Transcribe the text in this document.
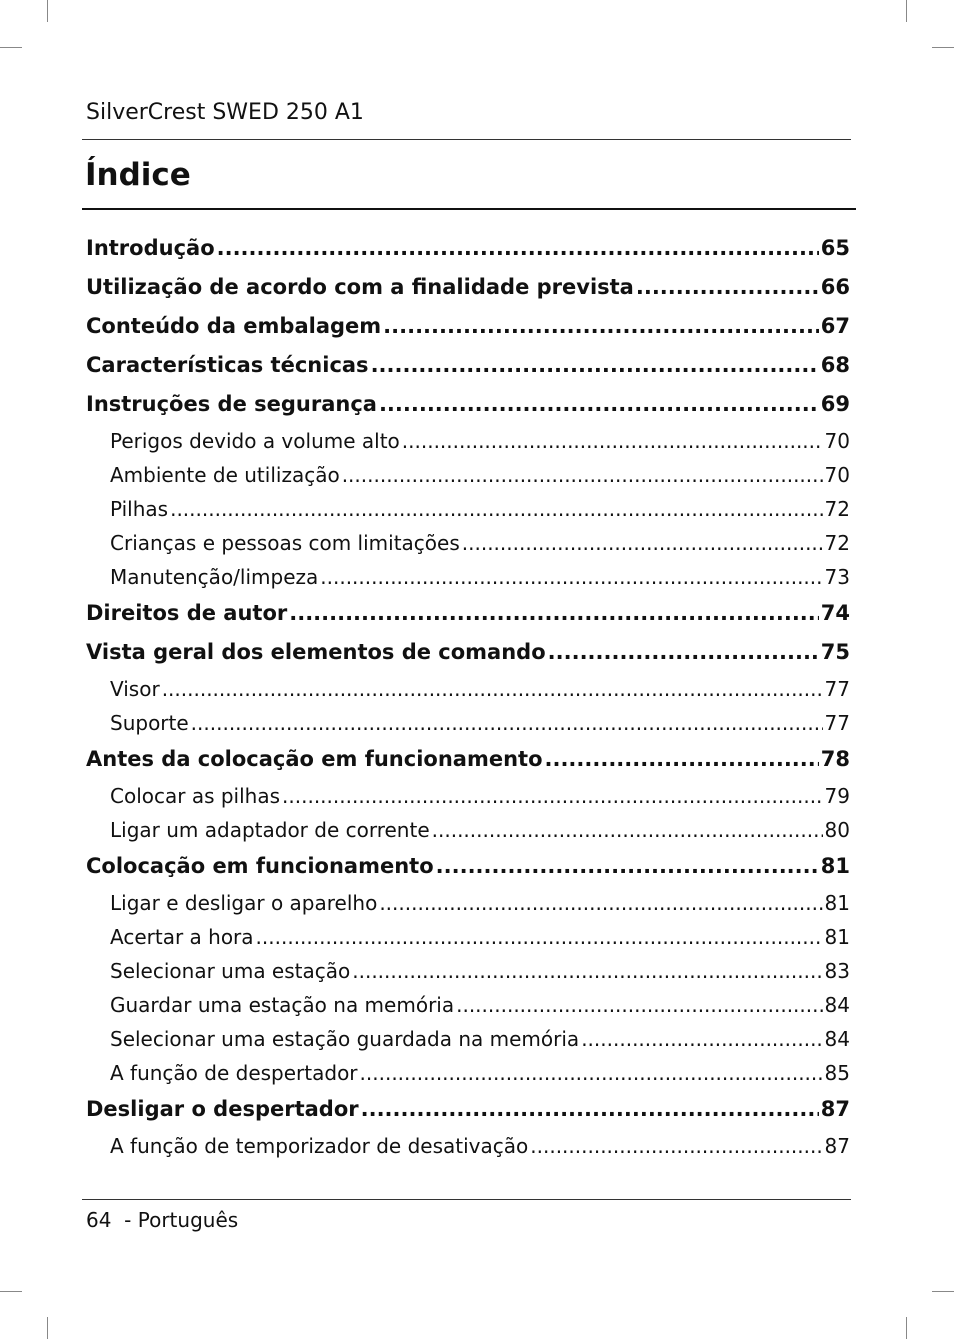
SilverCrest SWED 250 A1
Índice
Introdução .....	65
Utilização de acordo com a finalidade prevista .....	66
Conteúdo da embalagem .....	67
Características técnicas .....	68
Instruções de segurança .....	69
Perigos devido a volume alto .....	70
Ambiente de utilização .....	70
Pilhas .....	72
Crianças e pessoas com limitações .....	72
Manutenção/limpeza .....	73
Direitos de autor .....	74
Vista geral dos elementos de comando .....	75
Visor .....	77
Suporte .....	77
Antes da colocação em funcionamento .....	78
Colocar as pilhas .....	79
Ligar um adaptador de corrente .....	80
Colocação em funcionamento .....	81
Ligar e desligar o aparelho .....	81
Acertar a hora .....	81
Selecionar uma estação .....	83
Guardar uma estação na memória .....	84
Selecionar uma estação guardada na memória .....	84
A função de despertador .....	85
Desligar o despertador .....	87
A função de temporizador de desativação .....	87
64 - Português
